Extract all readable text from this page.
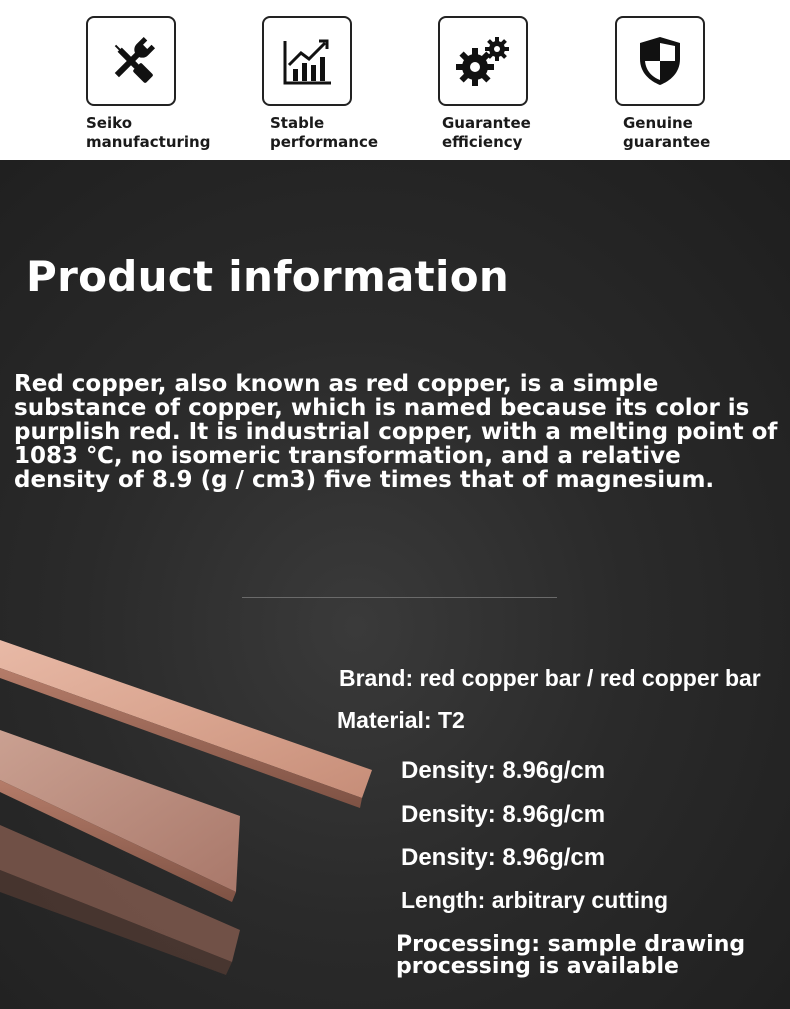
Seiko
manufacturing
Stable
performance
Guarantee
efficiency
Genuine
guarantee
Product information
Red copper, also known as red copper, is a simple substance of copper, which is named because its color is purplish red. It is industrial copper, with a melting point of 1083 ℃, no isomeric transformation, and a relative density of 8.9 (g / cm3) five times that of magnesium.
Brand: red copper bar / red copper bar
Material: T2
Density: 8.96g/cm
Density: 8.96g/cm
Density: 8.96g/cm
Length: arbitrary cutting
Processing: sample drawing processing is available
